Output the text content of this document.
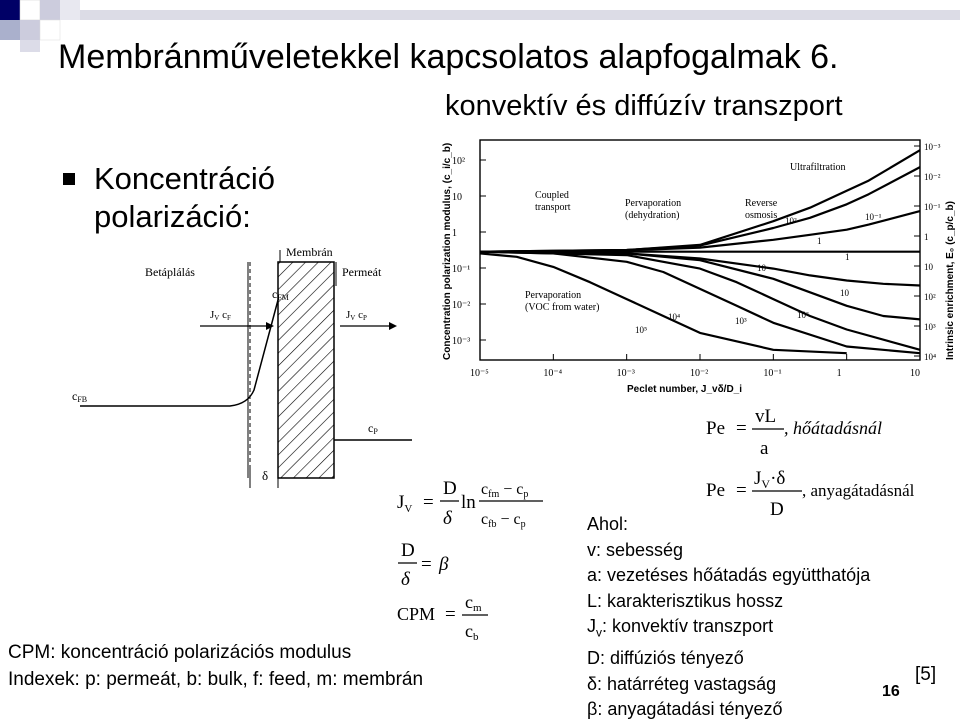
Membránműveletekkel kapcsolatos alapfogalmak 6.
konvektív és diffúzív transzport
Koncentráció
polarizáció:
Membrán
Betáplálás	Permeát
cFM
JV cF	JV cP
cFB
cP
δ
10⁻⁵	10⁻⁴	10⁻³	10⁻²	10⁻¹	1	10
10²
10
1
10⁻¹
10⁻²
10⁻³
10⁻³
10⁻²
10⁻¹
1
10
10²
10³
10⁴
1
10
10²
10³
10⁴
10⁵
1
10
10²	10⁻¹
Concentration polarization modulus, (c_i/c_b)	Intrinsic enrichment, E₀ (c_p/c_b)
Peclet number, J_vδ/D_i
Ultrafiltration
Coupled
transport	Pervaporation
(dehydration)
Reverse
osmosis
Pervaporation
(VOC from water)
Pe =
vL
a
, hőátadásnál
Pe =
$J_V\cdot\delta$
D
, anyagátadásnál
$J_V$ =
D
δ
ln
cfm − cp
cfb − cp
D
δ
= β
CPM =
cm
cb
Ahol:
v: sebesség
a: vezetéses hőátadás együtthatója
L: karakterisztikus hossz
$J_v$: konvektív transzport
D: diffúziós tényező
δ: határréteg vastagság
β: anyagátadási tényező
CPM: koncentráció polarizációs modulus
Indexek: p: permeát, b: bulk, f: feed, m: membrán
16
[5]
